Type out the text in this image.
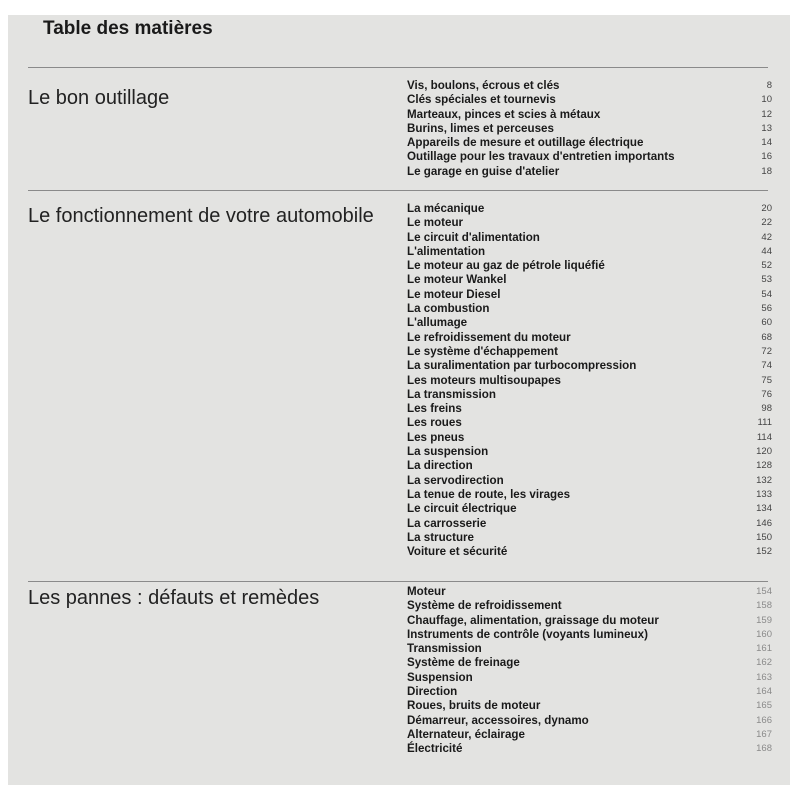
Table des matières
Le bon outillage
Vis, boulons, écrous et clés	8
Clés spéciales et tournevis	10
Marteaux, pinces et scies à métaux	12
Burins, limes et perceuses	13
Appareils de mesure et outillage électrique	14
Outillage pour les travaux d'entretien importants	16
Le garage en guise d'atelier	18
Le fonctionnement de votre automobile	La mécanique	20
Le moteur	22
Le circuit d'alimentation	42
L'alimentation	44
Le moteur au gaz de pétrole liquéfié	52
Le moteur Wankel	53
Le moteur Diesel	54
La combustion	56
L'allumage	60
Le refroidissement du moteur	68
Le système d'échappement	72
La suralimentation par turbocompression	74
Les moteurs multisoupapes	75
La transmission	76
Les freins	98
Les roues	111
Les pneus	114
La suspension	120
La direction	128
La servodirection	132
La tenue de route, les virages	133
Le circuit électrique	134
La carrosserie	146
La structure	150
Voiture et sécurité	152
Les pannes : défauts et remèdes	Moteur	154
Système de refroidissement	158
Chauffage, alimentation, graissage du moteur	159
Instruments de contrôle (voyants lumineux)	160
Transmission	161
Système de freinage	162
Suspension	163
Direction	164
Roues, bruits de moteur	165
Démarreur, accessoires, dynamo	166
Alternateur, éclairage	167
Électricité	168
